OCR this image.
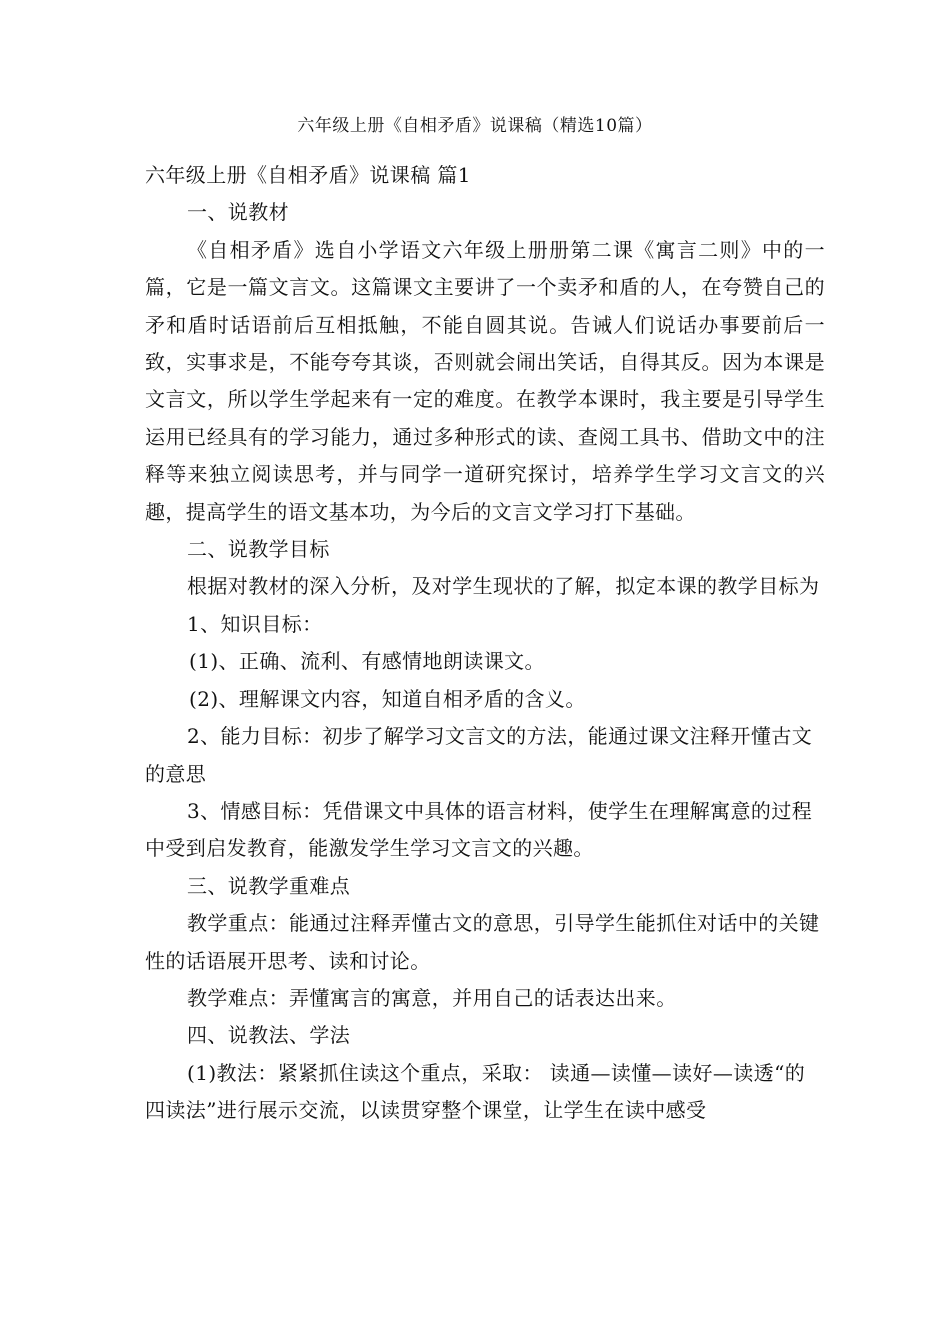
六年级上册《自相矛盾》说课稿（精选10篇）

六年级上册《自相矛盾》说课稿 篇1

一、说教材

《自相矛盾》选自小学语文六年级上册册第二课《寓言二则》中的一篇，它是一篇文言文。这篇课文主要讲了一个卖矛和盾的人，在夸赞自己的矛和盾时话语前后互相抵触，不能自圆其说。告诫人们说话办事要前后一致，实事求是，不能夸夸其谈，否则就会闹出笑话，自得其反。因为本课是文言文，所以学生学起来有一定的难度。在教学本课时，我主要是引导学生运用已经具有的学习能力，通过多种形式的读、查阅工具书、借助文中的注释等来独立阅读思考，并与同学一道研究探讨，培养学生学习文言文的兴趣，提高学生的语文基本功，为今后的文言文学习打下基础。

二、说教学目标

根据对教材的深入分析，及对学生现状的了解，拟定本课的教学目标为

1、知识目标：

(1)、正确、流利、有感情地朗读课文。

(2)、理解课文内容，知道自相矛盾的含义。

2、能力目标：初步了解学习文言文的方法，能通过课文注释开懂古文的意思

3、情感目标：凭借课文中具体的语言材料，使学生在理解寓意的过程中受到启发教育，能激发学生学习文言文的兴趣。

三、说教学重难点

教学重点：能通过注释弄懂古文的意思，引导学生能抓住对话中的关键性的话语展开思考、读和讨论。

教学难点：弄懂寓言的寓意，并用自己的话表达出来。

四、说教法、学法

(1)教法：紧紧抓住读这个重点，采取： 读通—读懂—读好—读透“的四读法”进行展示交流，以读贯穿整个课堂，让学生在读中感受
